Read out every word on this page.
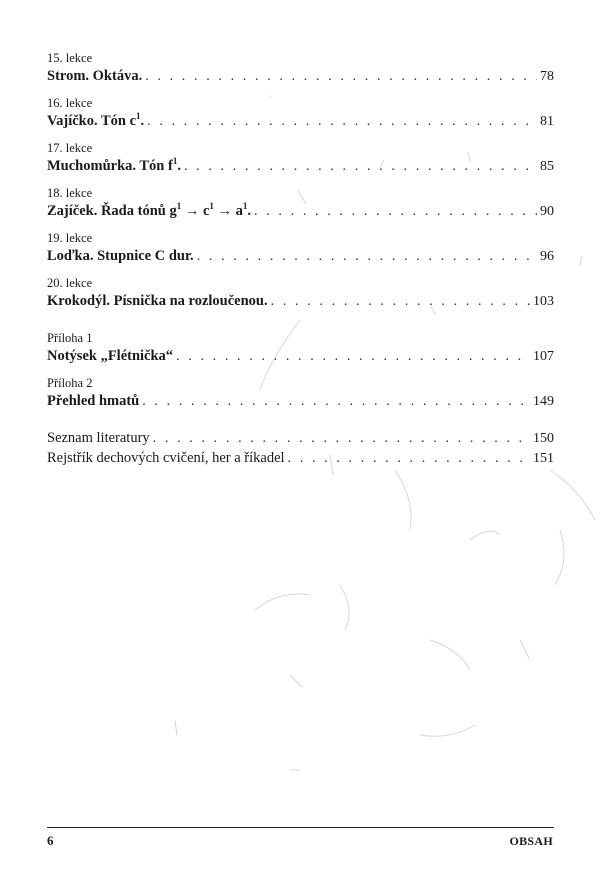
15. lekce
Strom. Oktáva. . . .	78
16. lekce
Vajíčko. Tón $c^1$. . . .	81
17. lekce
Muchomůrka. Tón $f^1$. . . .	85
18. lekce
Zajíček. Řada tónů $g^1 \to c^1 \to a^1$. . . .	90
19. lekce
Loďka. Stupnice C dur. . . .	96
20. lekce
Krokodýl. Písnička na rozloučenou. . . .	103
Příloha 1
Notýsek „Flétnička“ . . .	107
Příloha 2
Přehled hmatů . . .	149
Seznam literatury . . .	150
Rejstřík dechových cvičení, her a říkadel . . .	151
6	OBSAH
